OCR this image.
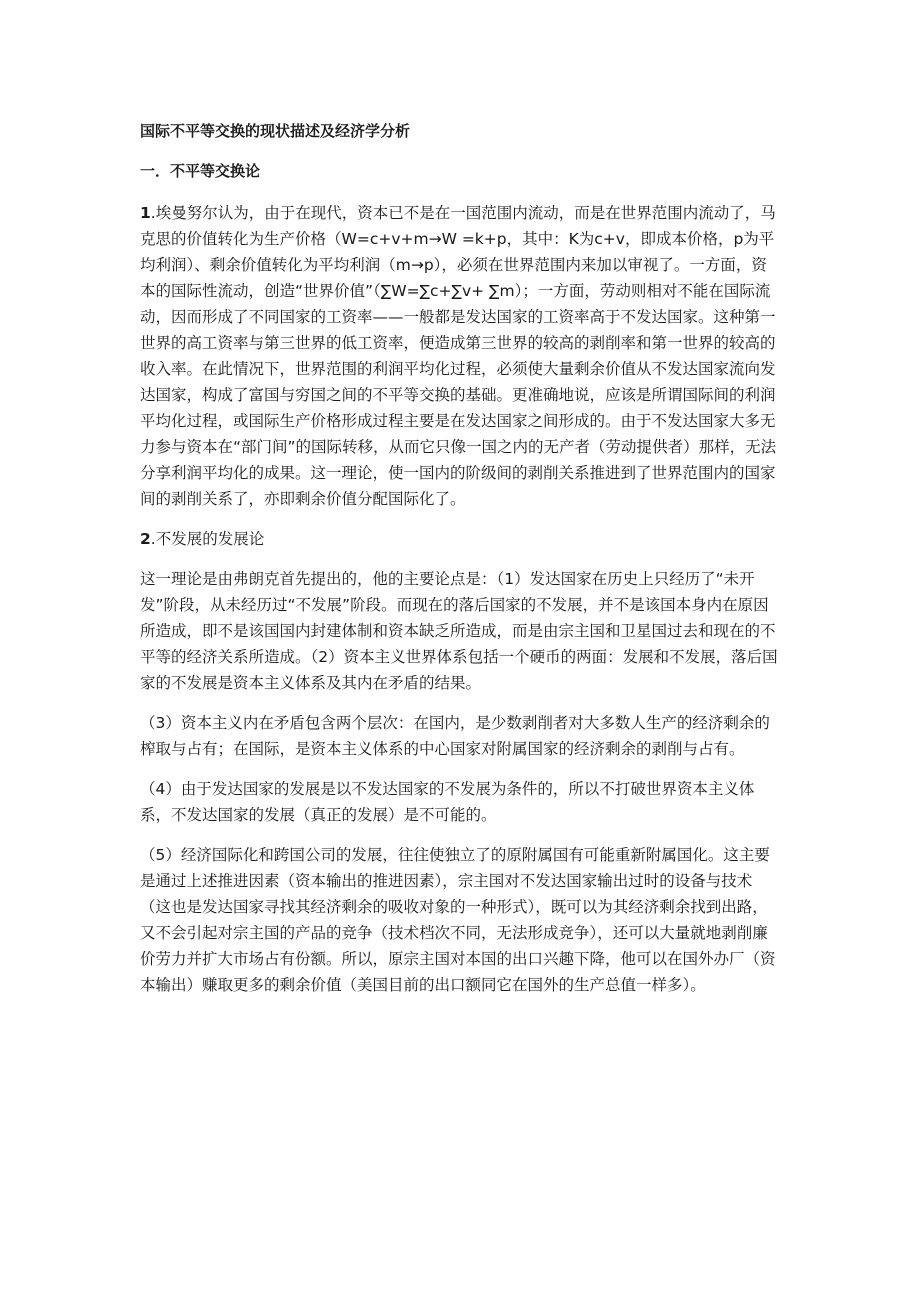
国际不平等交换的现状描述及经济学分析
一．不平等交换论

1.埃曼努尔认为，由于在现代，资本已不是在一国范围内流动，而是在世界范围内流动了，马克思的价值转化为生产价格（W=c+v+m→W =k+p，其中：K为c+v，即成本价格，p为平均利润）、剩余价值转化为平均利润（m→p），必须在世界范围内来加以审视了。一方面，资本的国际性流动，创造“世界价值”（∑W=∑c+∑v+ ∑m）；一方面，劳动则相对不能在国际流动，因而形成了不同国家的工资率——一般都是发达国家的工资率高于不发达国家。这种第一世界的高工资率与第三世界的低工资率，便造成第三世界的较高的剥削率和第一世界的较高的收入率。在此情况下，世界范围的利润平均化过程，必须使大量剩余价值从不发达国家流向发达国家，构成了富国与穷国之间的不平等交换的基础。更准确地说，应该是所谓国际间的利润平均化过程，或国际生产价格形成过程主要是在发达国家之间形成的。由于不发达国家大多无力参与资本在“部门间”的国际转移，从而它只像一国之内的无产者（劳动提供者）那样，无法分享利润平均化的成果。这一理论，使一国内的阶级间的剥削关系推进到了世界范围内的国家间的剥削关系了，亦即剩余价值分配国际化了。

2.不发展的发展论

这一理论是由弗朗克首先提出的，他的主要论点是：（1）发达国家在历史上只经历了“未开发”阶段，从未经历过“不发展”阶段。而现在的落后国家的不发展，并不是该国本身内在原因所造成，即不是该国国内封建体制和资本缺乏所造成，而是由宗主国和卫星国过去和现在的不平等的经济关系所造成。（2）资本主义世界体系包括一个硬币的两面：发展和不发展，落后国家的不发展是资本主义体系及其内在矛盾的结果。

（3）资本主义内在矛盾包含两个层次：在国内，是少数剥削者对大多数人生产的经济剩余的榨取与占有；在国际，是资本主义体系的中心国家对附属国家的经济剩余的剥削与占有。

（4）由于发达国家的发展是以不发达国家的不发展为条件的，所以不打破世界资本主义体系，不发达国家的发展（真正的发展）是不可能的。

（5）经济国际化和跨国公司的发展，往往使独立了的原附属国有可能重新附属国化。这主要是通过上述推进因素（资本输出的推进因素），宗主国对不发达国家输出过时的设备与技术（这也是发达国家寻找其经济剩余的吸收对象的一种形式），既可以为其经济剩余找到出路，又不会引起对宗主国的产品的竞争（技术档次不同，无法形成竞争），还可以大量就地剥削廉价劳力并扩大市场占有份额。所以，原宗主国对本国的出口兴趣下降，他可以在国外办厂（资本输出）赚取更多的剩余价值（美国目前的出口额同它在国外的生产总值一样多）。
